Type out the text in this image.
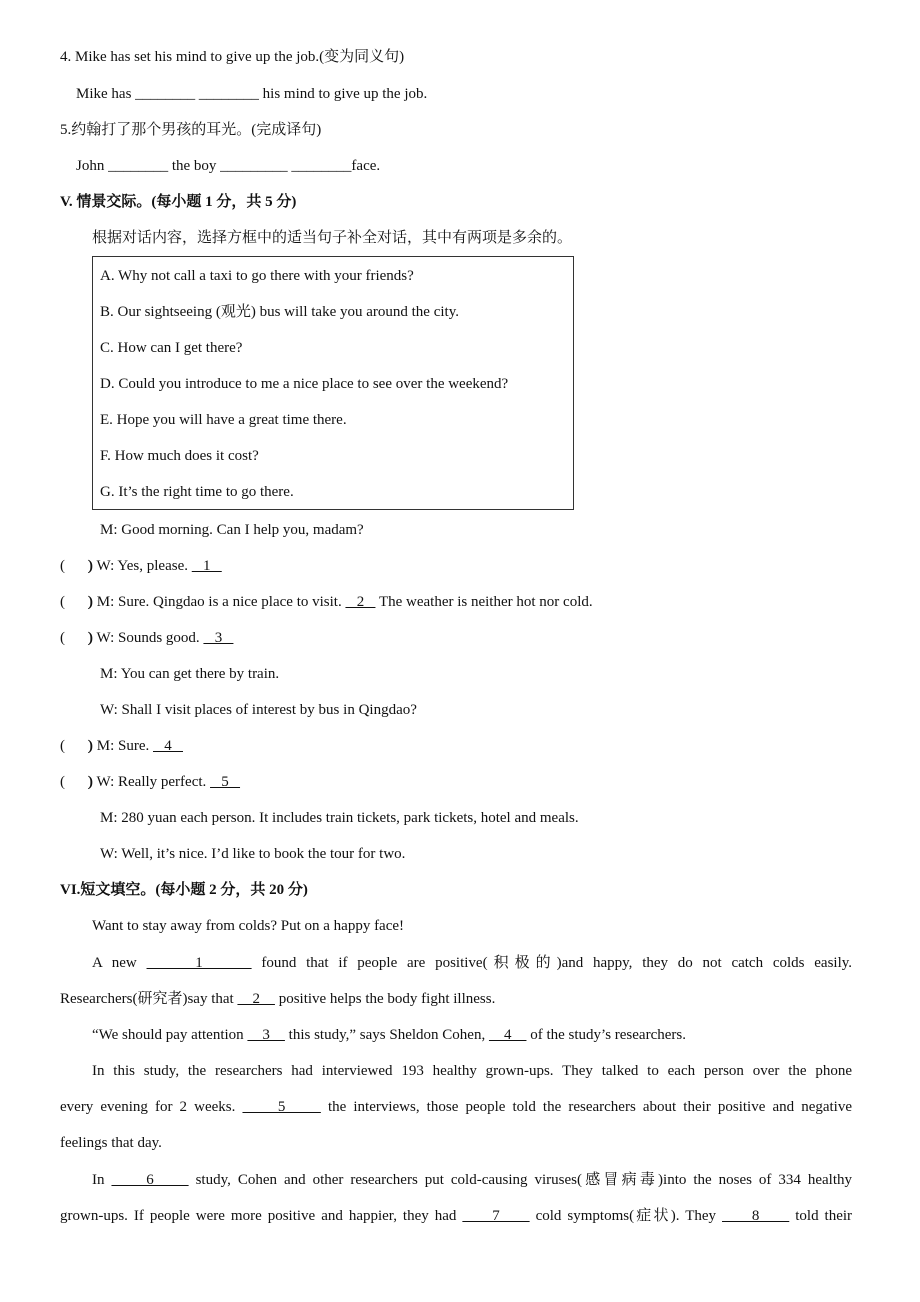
4. Mike has set his mind to give up the job.(变为同义句)
Mike has ________ ________ his mind to give up the job.
5.约翰打了那个男孩的耳光。(完成译句)
John ________ the boy _________ ________face.
V. 情景交际。(每小题 1 分，共 5 分)
根据对话内容，选择方框中的适当句子补全对话，其中有两项是多余的。
A. Why not call a taxi to go there with your friends?
B. Our sightseeing (观光) bus will take you around the city.
C. How can I get there?
D. Could you introduce to me a nice place to see over the weekend?
E. Hope you will have a great time there.
F. How much does it cost?
G. It’s the right time to go there.
M: Good morning. Can I help you, madam?
(      )
) W: Yes, please.    1
(      )
) M: Sure. Qingdao is a nice place to visit.    2    The weather is neither hot nor cold.
(      )
) W: Sounds good.    3
M: You can get there by train.
W: Shall I visit places of interest by bus in Qingdao?
(      )
) M: Sure.    4
(      )
) W: Really perfect.    5
M: 280 yuan each person. It includes train tickets, park tickets, hotel and meals.
W: Well, it’s nice. I’d like to book the tour for two.
VI.短文填空。(每小题 2 分，共 20 分)
Want to stay away from colds? Put on a happy face!
A new      1      found that if people are positive(积极的)and happy, they do not catch colds easily.
Researchers(研究者)say that     2     positive helps the body fight illness.
“We should pay attention     3     this study,” says Sheldon Cohen,     4     of the study’s researchers.
In this study, the researchers had interviewed 193 healthy grown-ups. They talked to each person over the phone
every evening for 2 weeks.      5      the interviews, those people told the researchers about their positive and negative
feelings that day.
In      6      study, Cohen and other researchers put cold-causing viruses(感冒病毒)into the noses of 334 healthy
grown-ups. If people were more positive and happier, they had      7      cold symptoms(症状). They      8      told their
